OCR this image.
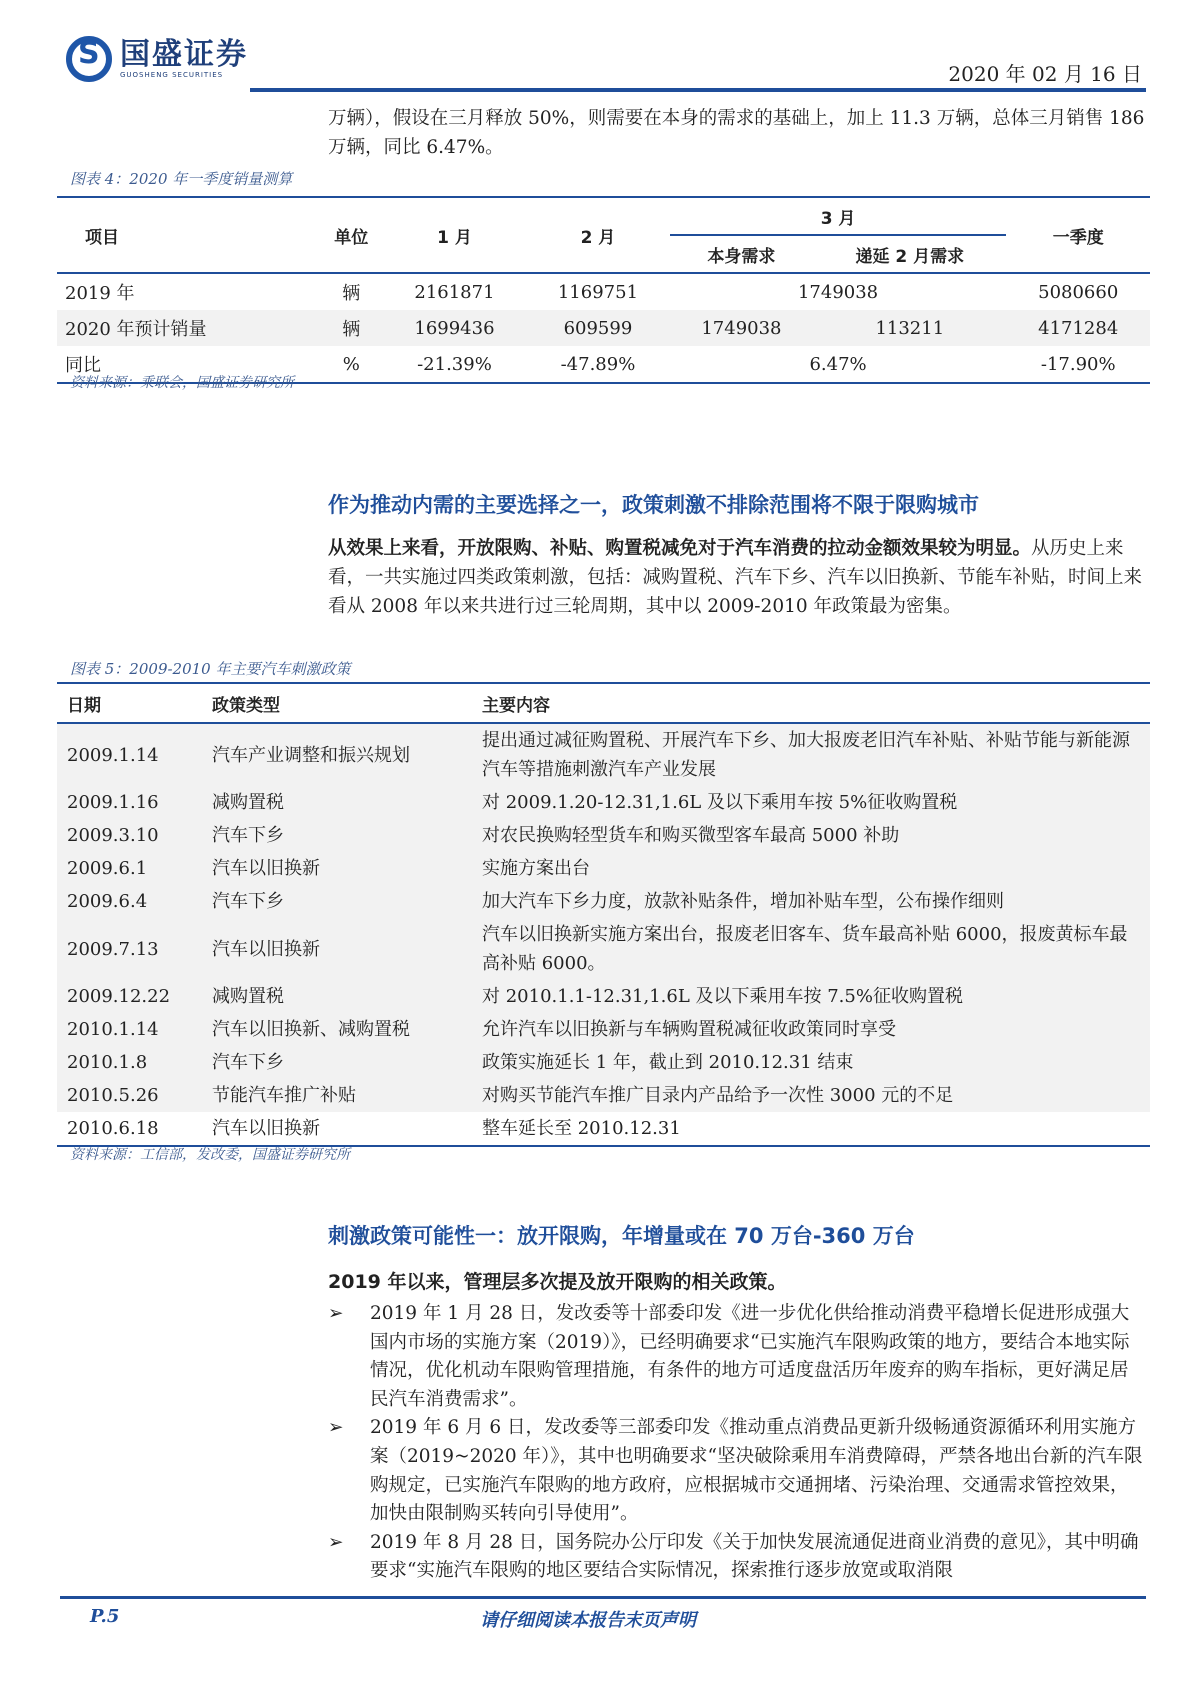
S
国盛证券
GUOSHENG SECURITIES	2020 年 02 月 16 日
万辆），假设在三月释放 50%，则需要在本身的需求的基础上，加上 11.3 万辆，总体三月销售 186 万辆，同比 6.47%。
图表 4：2020 年一季度销量测算
项目	单位	1 月	2 月	3 月		一季度
				本身需求	递延 2 月需求	
2019 年	辆	2161871	1169751	1749038		5080660
2020 年预计销量	辆	1699436	609599	1749038	113211	4171284
同比	%	-21.39%	-47.89%	6.47%		-17.90%
资料来源：乘联会，国盛证券研究所
作为推动内需的主要选择之一，政策刺激不排除范围将不限于限购城市
从效果上来看，开放限购、补贴、购置税减免对于汽车消费的拉动金额效果较为明显。从历史上来看，一共实施过四类政策刺激，包括：减购置税、汽车下乡、汽车以旧换新、节能车补贴，时间上来看从 2008 年以来共进行过三轮周期，其中以 2009-2010 年政策最为密集。
图表 5：2009-2010 年主要汽车刺激政策
日期	政策类型	主要内容
2009.1.14	汽车产业调整和振兴规划	提出通过减征购置税、开展汽车下乡、加大报废老旧汽车补贴、补贴节能与新能源汽车等措施刺激汽车产业发展
2009.1.16	减购置税	对 2009.1.20-12.31,1.6L 及以下乘用车按 5%征收购置税
2009.3.10	汽车下乡	对农民换购轻型货车和购买微型客车最高 5000 补助
2009.6.1	汽车以旧换新	实施方案出台
2009.6.4	汽车下乡	加大汽车下乡力度，放款补贴条件，增加补贴车型，公布操作细则
2009.7.13	汽车以旧换新	汽车以旧换新实施方案出台，报废老旧客车、货车最高补贴 6000，报废黄标车最高补贴 6000。
2009.12.22	减购置税	对 2010.1.1-12.31,1.6L 及以下乘用车按 7.5%征收购置税
2010.1.14	汽车以旧换新、减购置税	允许汽车以旧换新与车辆购置税减征收政策同时享受
2010.1.8	汽车下乡	政策实施延长 1 年，截止到 2010.12.31 结束
2010.5.26	节能汽车推广补贴	对购买节能汽车推广目录内产品给予一次性 3000 元的不足
2010.6.18	汽车以旧换新	整车延长至 2010.12.31
资料来源：工信部，发改委，国盛证券研究所
刺激政策可能性一：放开限购，年增量或在 70 万台-360 万台
2019 年以来，管理层多次提及放开限购的相关政策。
➢ 2019 年 1 月 28 日，发改委等十部委印发《进一步优化供给推动消费平稳增长促进形成强大国内市场的实施方案（2019）》，已经明确要求“已实施汽车限购政策的地方，要结合本地实际情况，优化机动车限购管理措施，有条件的地方可适度盘活历年废弃的购车指标，更好满足居民汽车消费需求”。
➢ 2019 年 6 月 6 日，发改委等三部委印发《推动重点消费品更新升级畅通资源循环利用实施方案（2019~2020 年）》，其中也明确要求“坚决破除乘用车消费障碍，严禁各地出台新的汽车限购规定，已实施汽车限购的地方政府，应根据城市交通拥堵、污染治理、交通需求管控效果，加快由限制购买转向引导使用”。
➢ 2019 年 8 月 28 日，国务院办公厅印发《关于加快发展流通促进商业消费的意见》，其中明确要求“实施汽车限购的地区要结合实际情况，探索推行逐步放宽或取消限
P.5	请仔细阅读本报告末页声明
